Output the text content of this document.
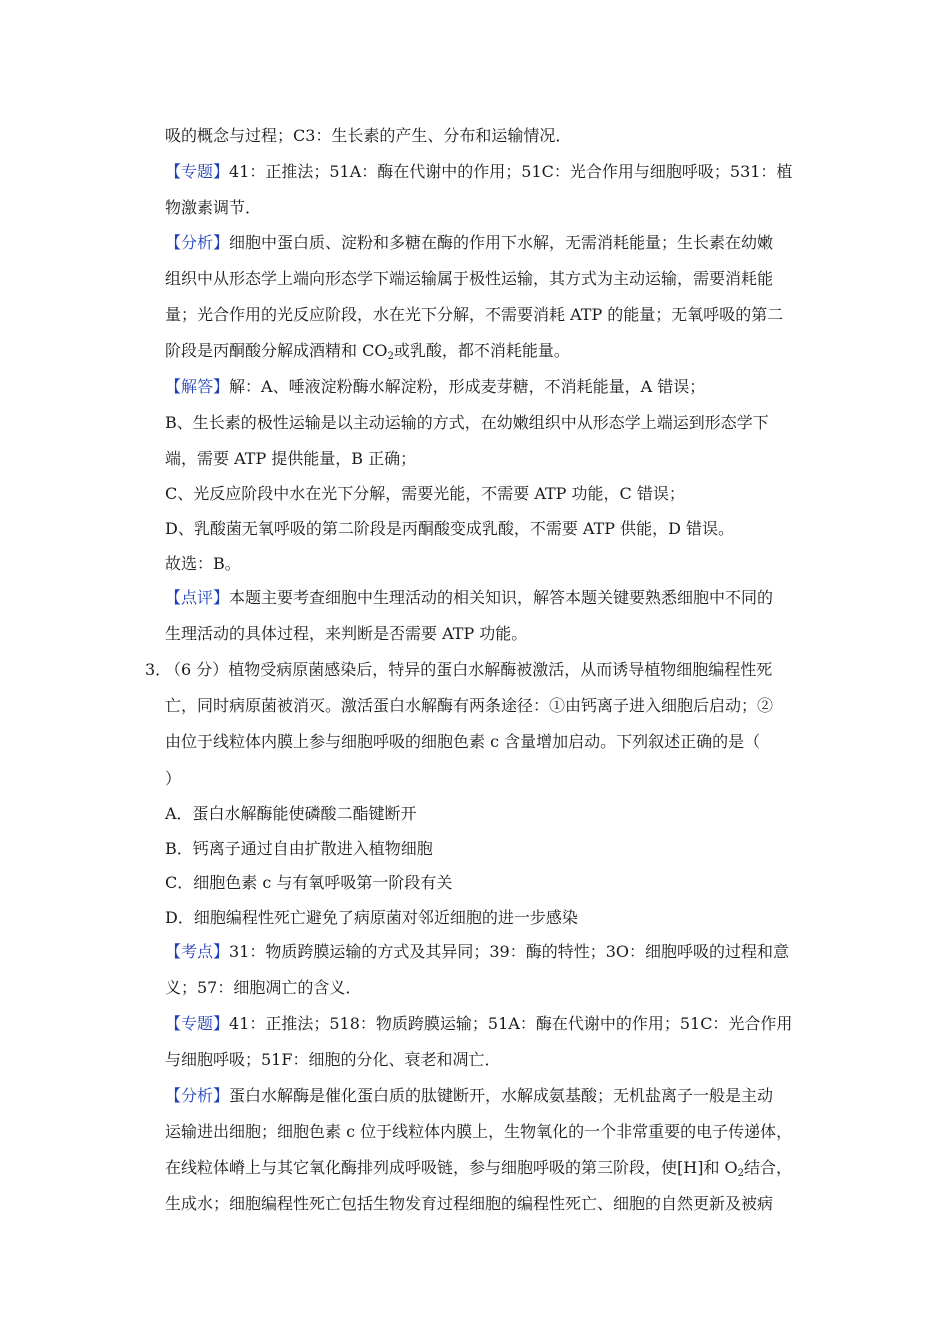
吸的概念与过程；C3：生长素的产生、分布和运输情况．
【专题】41：正推法；51A：酶在代谢中的作用；51C：光合作用与细胞呼吸；531：植
物激素调节．
【分析】细胞中蛋白质、淀粉和多糖在酶的作用下水解，无需消耗能量；生长素在幼嫩
组织中从形态学上端向形态学下端运输属于极性运输，其方式为主动运输，需要消耗能
量；光合作用的光反应阶段，水在光下分解，不需要消耗 ATP 的能量；无氧呼吸的第二
阶段是丙酮酸分解成酒精和 $CO_2$或乳酸，都不消耗能量。
【解答】解：A、唾液淀粉酶水解淀粉，形成麦芽糖，不消耗能量，A 错误；
B、生长素的极性运输是以主动运输的方式，在幼嫩组织中从形态学上端运到形态学下
端，需要 ATP 提供能量，B 正确；
C、光反应阶段中水在光下分解，需要光能，不需要 ATP 功能，C 错误；
D、乳酸菌无氧呼吸的第二阶段是丙酮酸变成乳酸，不需要 ATP 供能，D 错误。
故选：B。
【点评】本题主要考查细胞中生理活动的相关知识，解答本题关键要熟悉细胞中不同的
生理活动的具体过程，来判断是否需要 ATP 功能。
3．
（6 分）植物受病原菌感染后，特异的蛋白水解酶被激活，从而诱导植物细胞编程性死
亡，同时病原菌被消灭。激活蛋白水解酶有两条途径：①由钙离子进入细胞后启动；②
由位于线粒体内膜上参与细胞呼吸的细胞色素 c 含量增加启动。下列叙述正确的是（
）
A．蛋白水解酶能使磷酸二酯键断开
B．钙离子通过自由扩散进入植物细胞
C．细胞色素 c 与有氧呼吸第一阶段有关
D．细胞编程性死亡避免了病原菌对邻近细胞的进一步感染
【考点】31：物质跨膜运输的方式及其异同；39：酶的特性；3O：细胞呼吸的过程和意
义；57：细胞凋亡的含义．
【专题】41：正推法；518：物质跨膜运输；51A：酶在代谢中的作用；51C：光合作用
与细胞呼吸；51F：细胞的分化、衰老和凋亡．
【分析】蛋白水解酶是催化蛋白质的肽键断开，水解成氨基酸；无机盐离子一般是主动
运输进出细胞；细胞色素 c 位于线粒体内膜上，生物氧化的一个非常重要的电子传递体，
在线粒体嵴上与其它氧化酶排列成呼吸链，参与细胞呼吸的第三阶段，使[H]和 $O_2$结合，
生成水；细胞编程性死亡包括生物发育过程细胞的编程性死亡、细胞的自然更新及被病
